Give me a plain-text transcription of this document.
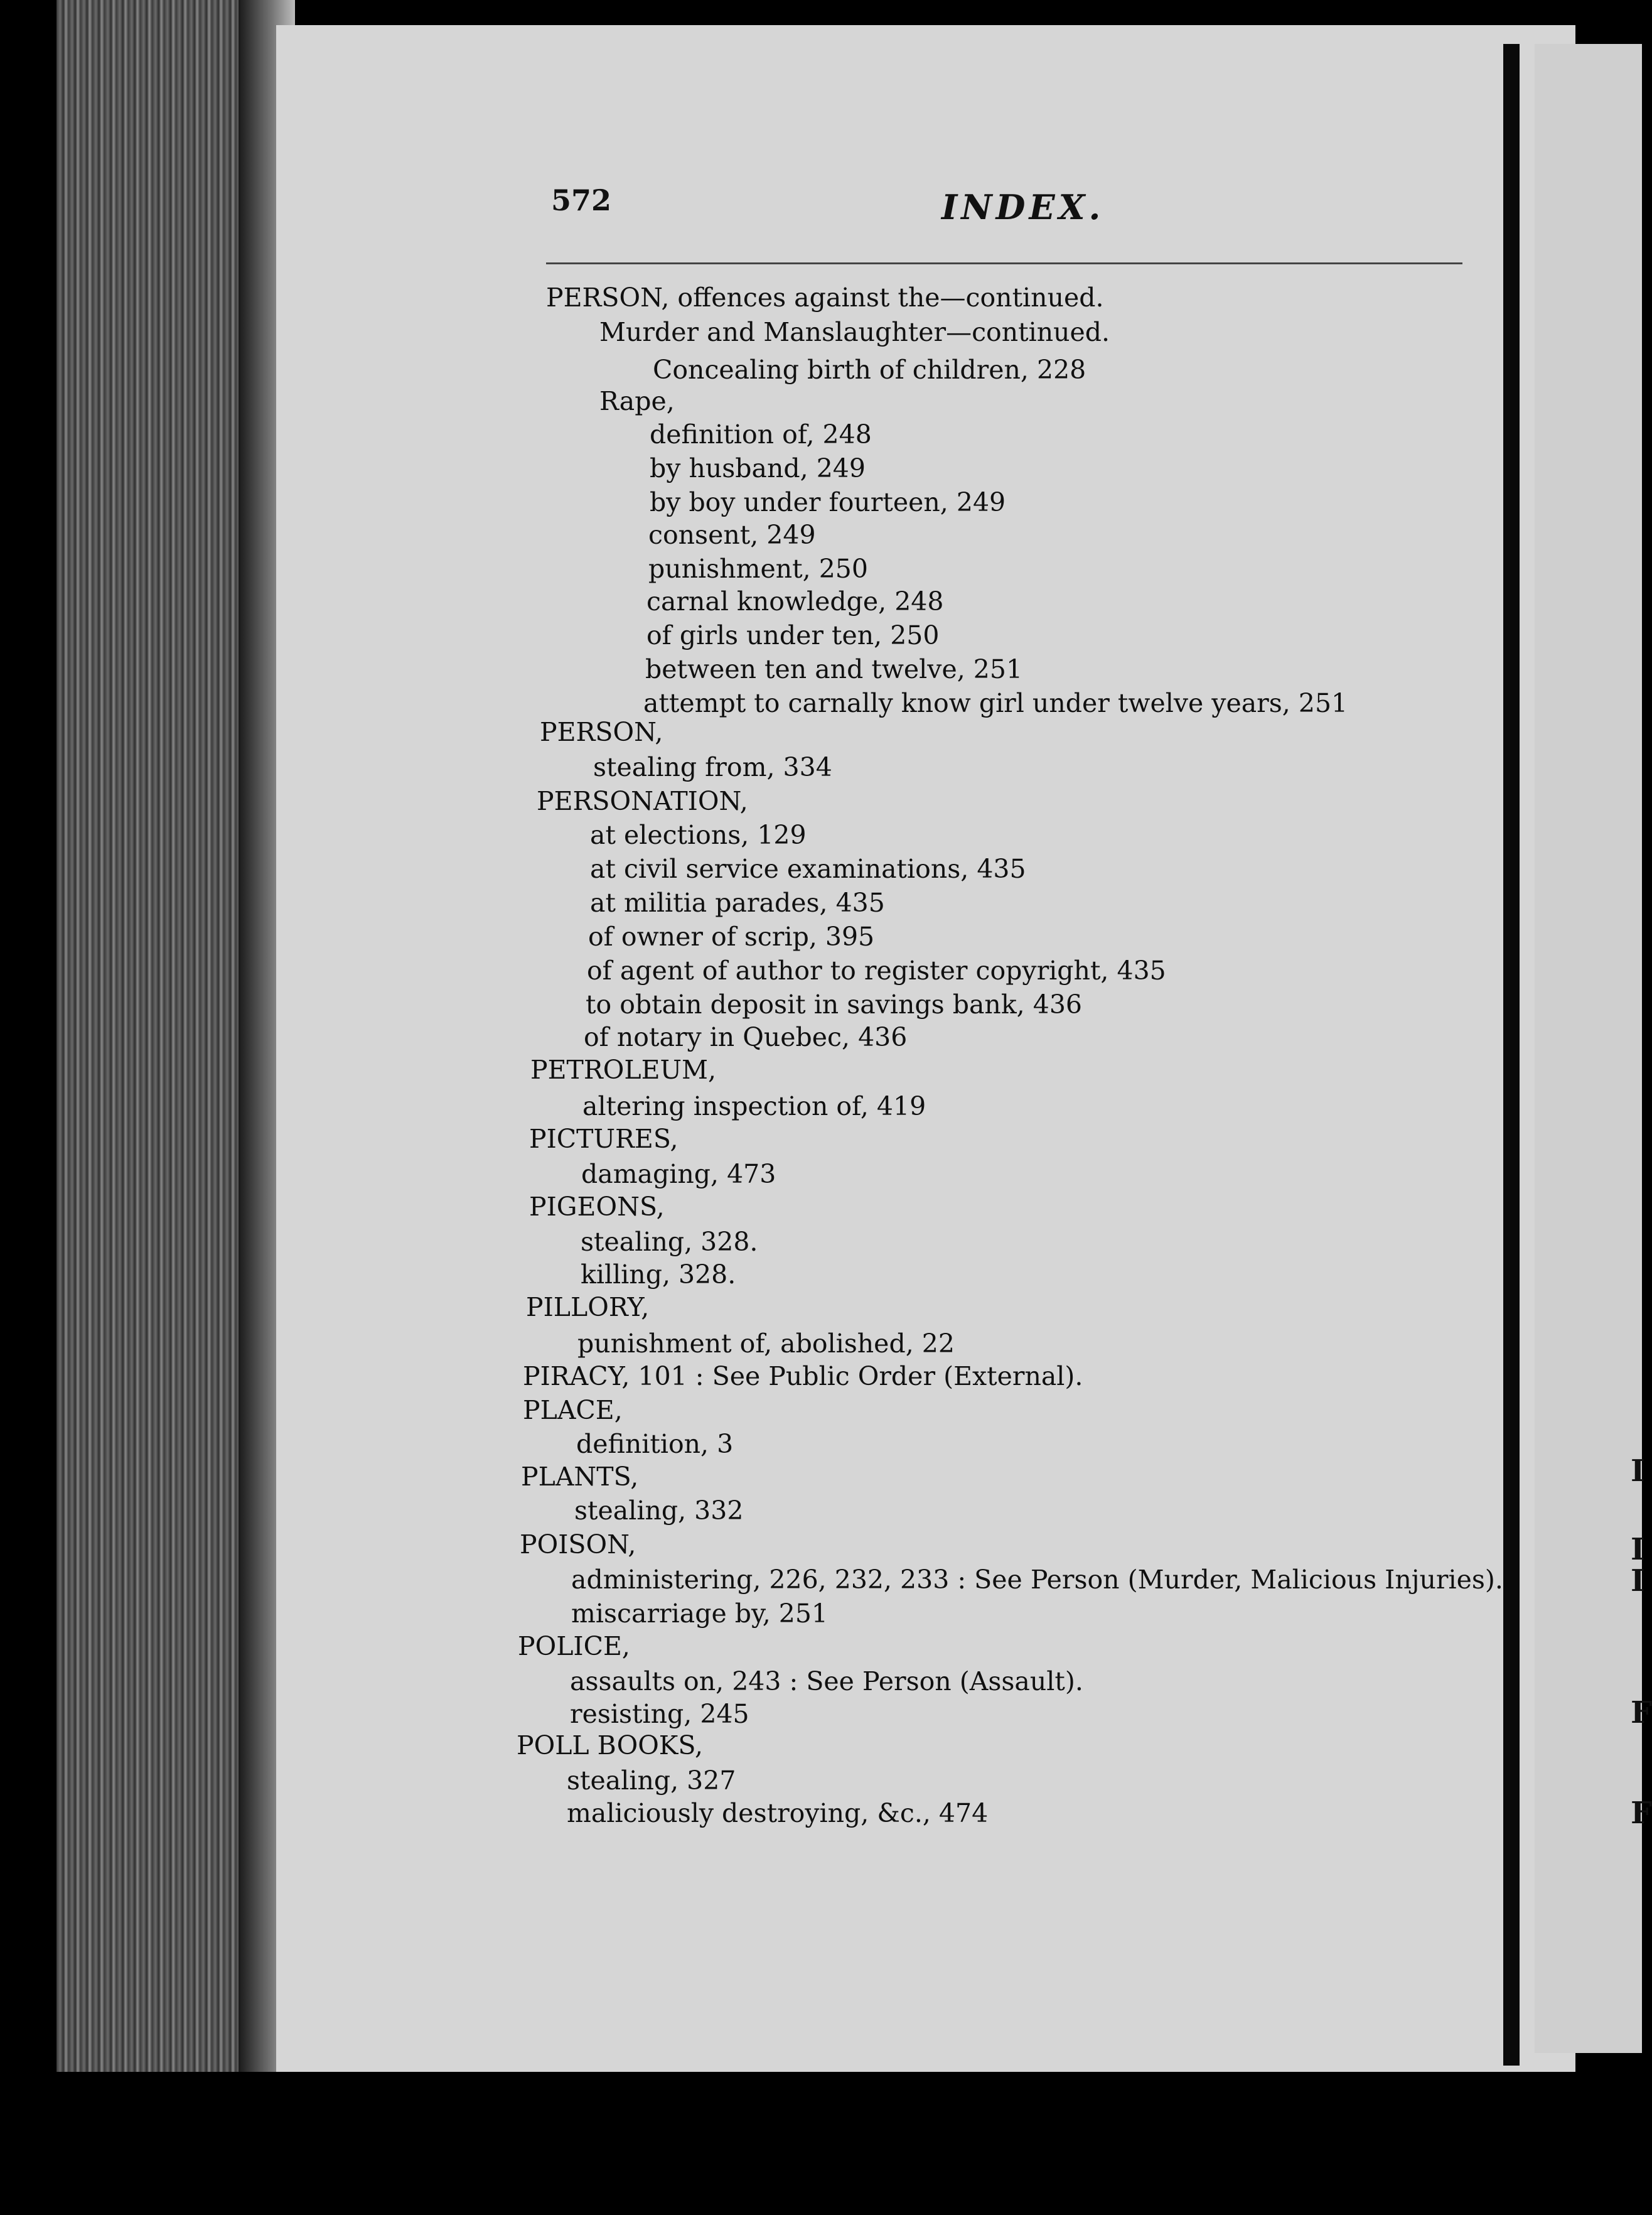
I
I
I
F
F
572	INDEX.
PERSON, offences against the—continued.
Murder and Manslaughter—continued.
Concealing birth of children, 228
Rape,
definition of, 248
by husband, 249
by boy under fourteen, 249
consent, 249
punishment, 250
carnal knowledge, 248
of girls under ten, 250
between ten and twelve, 251
attempt to carnally know girl under twelve years, 251
PERSON,
stealing from, 334
PERSONATION,
at elections, 129
at civil service examinations, 435
at militia parades, 435
of owner of scrip, 395
of agent of author to register copyright, 435
to obtain deposit in savings bank, 436
of notary in Quebec, 436
PETROLEUM,
altering inspection of, 419
PICTURES,
damaging, 473
PIGEONS,
stealing, 328.
killing, 328.
PILLORY,
punishment of, abolished, 22
PIRACY, 101 : See Public Order (External).
PLACE,
definition, 3
PLANTS,
stealing, 332
POISON,
administering, 226, 232, 233 : See Person (Murder, Malicious Injuries).
miscarriage by, 251
POLICE,
assaults on, 243 : See Person (Assault).
resisting, 245
POLL BOOKS,
stealing, 327
maliciously destroying, &c., 474
